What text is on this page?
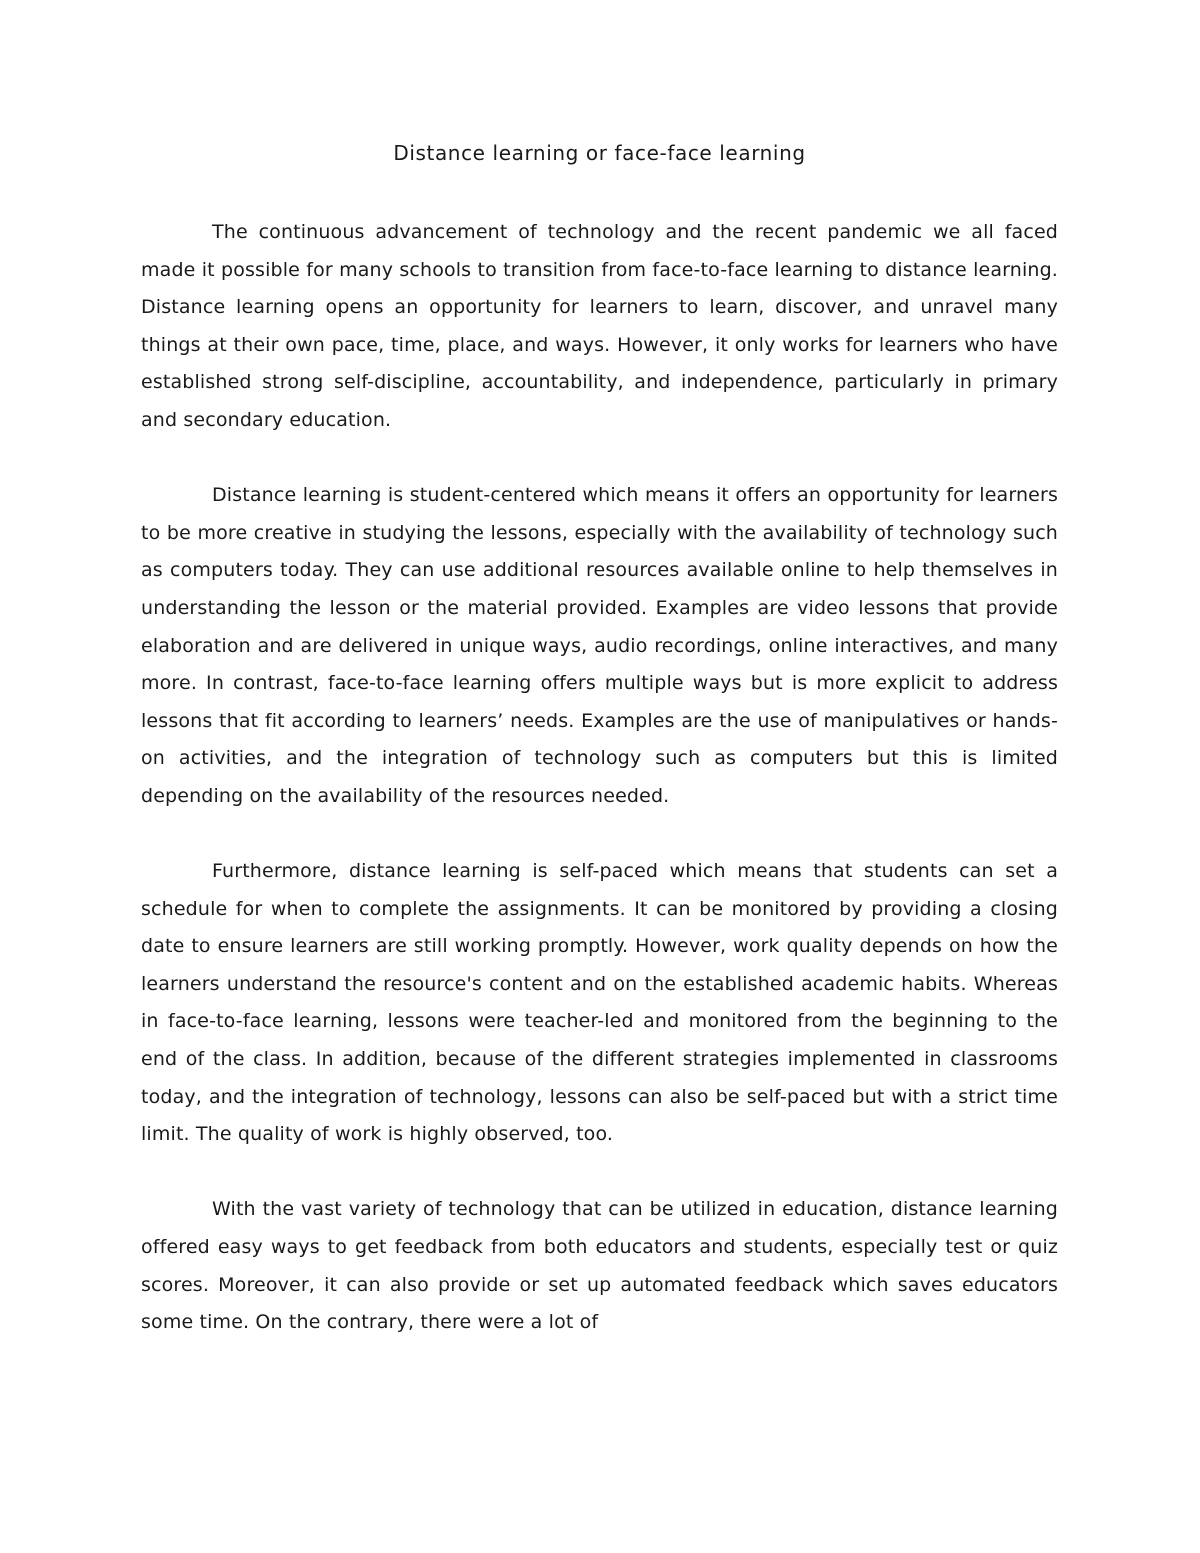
Distance learning or face-face learning

The continuous advancement of technology and the recent pandemic we all faced made it possible for many schools to transition from face-to-face learning to distance learning. Distance learning opens an opportunity for learners to learn, discover, and unravel many things at their own pace, time, place, and ways. However, it only works for learners who have established strong self-discipline, accountability, and independence, particularly in primary and secondary education.

Distance learning is student-centered which means it offers an opportunity for learners to be more creative in studying the lessons, especially with the availability of technology such as computers today. They can use additional resources available online to help themselves in understanding the lesson or the material provided. Examples are video lessons that provide elaboration and are delivered in unique ways, audio recordings, online interactives, and many more. In contrast, face-to-face learning offers multiple ways but is more explicit to address lessons that fit according to learners’ needs. Examples are the use of manipulatives or hands-on activities, and the integration of technology such as computers but this is limited depending on the availability of the resources needed.

Furthermore, distance learning is self-paced which means that students can set a schedule for when to complete the assignments. It can be monitored by providing a closing date to ensure learners are still working promptly. However, work quality depends on how the learners understand the resource's content and on the established academic habits. Whereas in face-to-face learning, lessons were teacher-led and monitored from the beginning to the end of the class. In addition, because of the different strategies implemented in classrooms today, and the integration of technology, lessons can also be self-paced but with a strict time limit. The quality of work is highly observed, too.

With the vast variety of technology that can be utilized in education, distance learning offered easy ways to get feedback from both educators and students, especially test or quiz scores. Moreover, it can also provide or set up automated feedback which saves educators some time. On the contrary, there were a lot of
